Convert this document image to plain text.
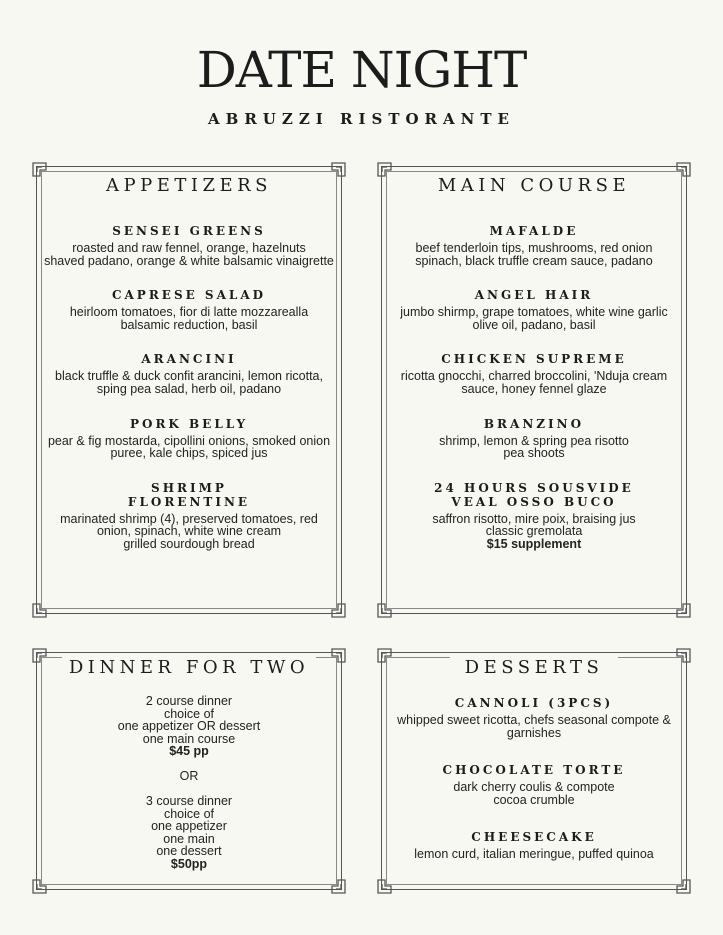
DATE NIGHT
ABRUZZI RISTORANTE
APPETIZERS
SENSEI GREENS
roasted and raw fennel, orange, hazelnuts
shaved padano, orange & white balsamic vinaigrette
CAPRESE SALAD
heirloom tomatoes, fior di latte mozzarealla
balsamic reduction, basil
ARANCINI
black truffle & duck confit arancini, lemon ricotta,
sping pea salad, herb oil, padano
PORK BELLY
pear & fig mostarda, cipollini onions, smoked onion
puree, kale chips, spiced jus
SHRIMP
FLORENTINE
marinated shrimp (4), preserved tomatoes, red
onion, spinach, white wine cream
grilled sourdough bread
MAIN COURSE
MAFALDE
beef tenderloin tips, mushrooms, red onion
spinach, black truffle cream sauce, padano
ANGEL HAIR
jumbo shirmp, grape tomatoes, white wine garlic
olive oil, padano, basil
CHICKEN SUPREME
ricotta gnocchi, charred broccolini, 'Nduja cream
sauce, honey fennel glaze
BRANZINO
shrimp, lemon & spring pea risotto
pea shoots
24 HOURS SOUSVIDE
VEAL OSSO BUCO
saffron risotto, mire poix, braising jus
classic gremolata
$15 supplement
DINNER FOR TWO
2 course dinner
choice of
one appetizer OR dessert
one main course
$45 pp
OR
3 course dinner
choice of
one appetizer
one main
one dessert
$50pp
DESSERTS
CANNOLI (3PCS)
whipped sweet ricotta, chefs seasonal compote &
garnishes
CHOCOLATE TORTE
dark cherry coulis & compote
cocoa crumble
CHEESECAKE
lemon curd, italian meringue, puffed quinoa
